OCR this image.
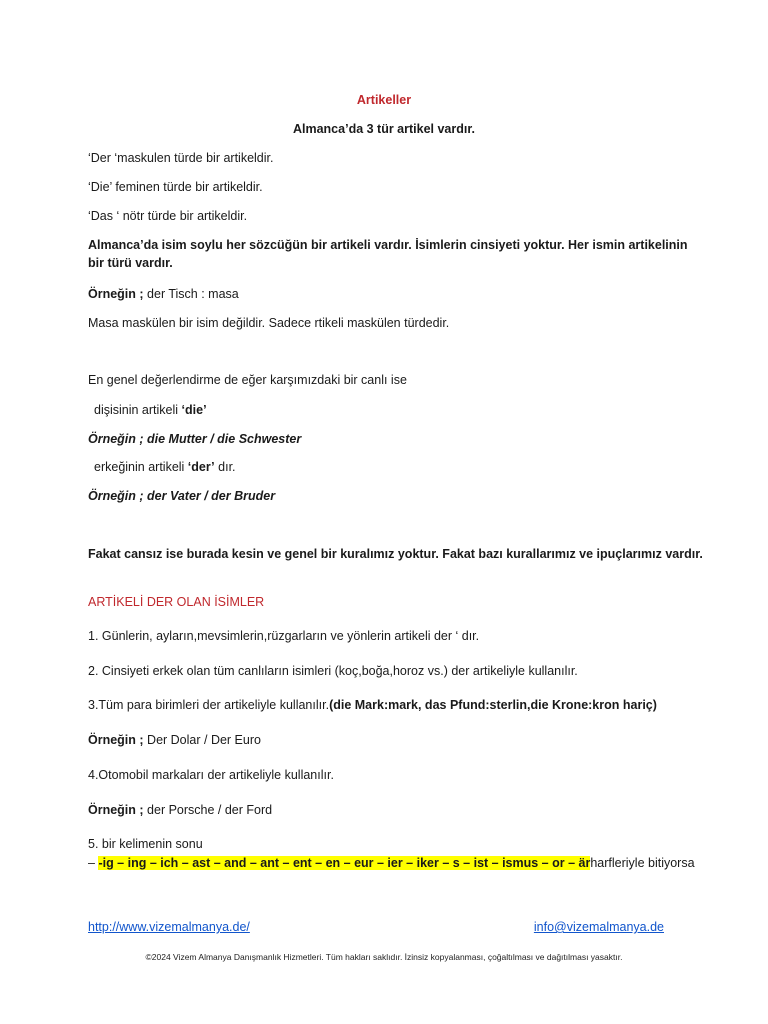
Artikeller
Almanca’da 3 tür artikel vardır.
‘Der ‘maskulen türde bir artikeldir.
‘Die’ feminen türde bir artikeldir.
‘Das ‘ nötr türde bir artikeldir.
Almanca’da isim soylu her sözcüğün bir artikeli vardır. İsimlerin cinsiyeti yoktur. Her ismin artikelinin bir türü vardır.
Örneğin ; der Tisch : masa
Masa maskülen bir isim değildir. Sadece rtikeli maskülen türdedir.
En genel değerlendirme de eğer karşımızdaki bir canlı ise
dişisinin artikeli ‘die’
Örneğin ; die Mutter / die Schwester
erkeğinin artikeli ‘der’ dır.
Örneğin ; der Vater / der Bruder
Fakat cansız ise burada kesin ve genel bir kuralımız yoktur. Fakat bazı kurallarımız ve ipuçlarımız vardır.
ARTİKELİ DER OLAN İSİMLER
1. Günlerin, ayların,mevsimlerin,rüzgarların ve yönlerin artikeli der ‘ dır.
2. Cinsiyeti erkek olan tüm canlıların isimleri (koç,boğa,horoz vs.) der artikeliyle kullanılır.
3.Tüm para birimleri der artikeliyle kullanılır.(die Mark:mark, das Pfund:sterlin,die Krone:kron hariç)
Örneğin ; Der Dolar / Der Euro
4.Otomobil markaları der artikeliyle kullanılır.
Örneğin ; der Porsche / der Ford
5. bir kelimenin sonu
– -ig – ing – ich – ast – and – ant – ent – en – eur – ier – iker – s – ist – ismus – or – ärharfleriyle bitiyorsa
http://www.vizemalmanya.de/	info@vizemalmanya.de
©2024 Vizem Almanya Danışmanlık Hizmetleri. Tüm hakları saklıdır. İzinsiz kopyalanması, çoğaltılması ve dağıtılması yasaktır.
